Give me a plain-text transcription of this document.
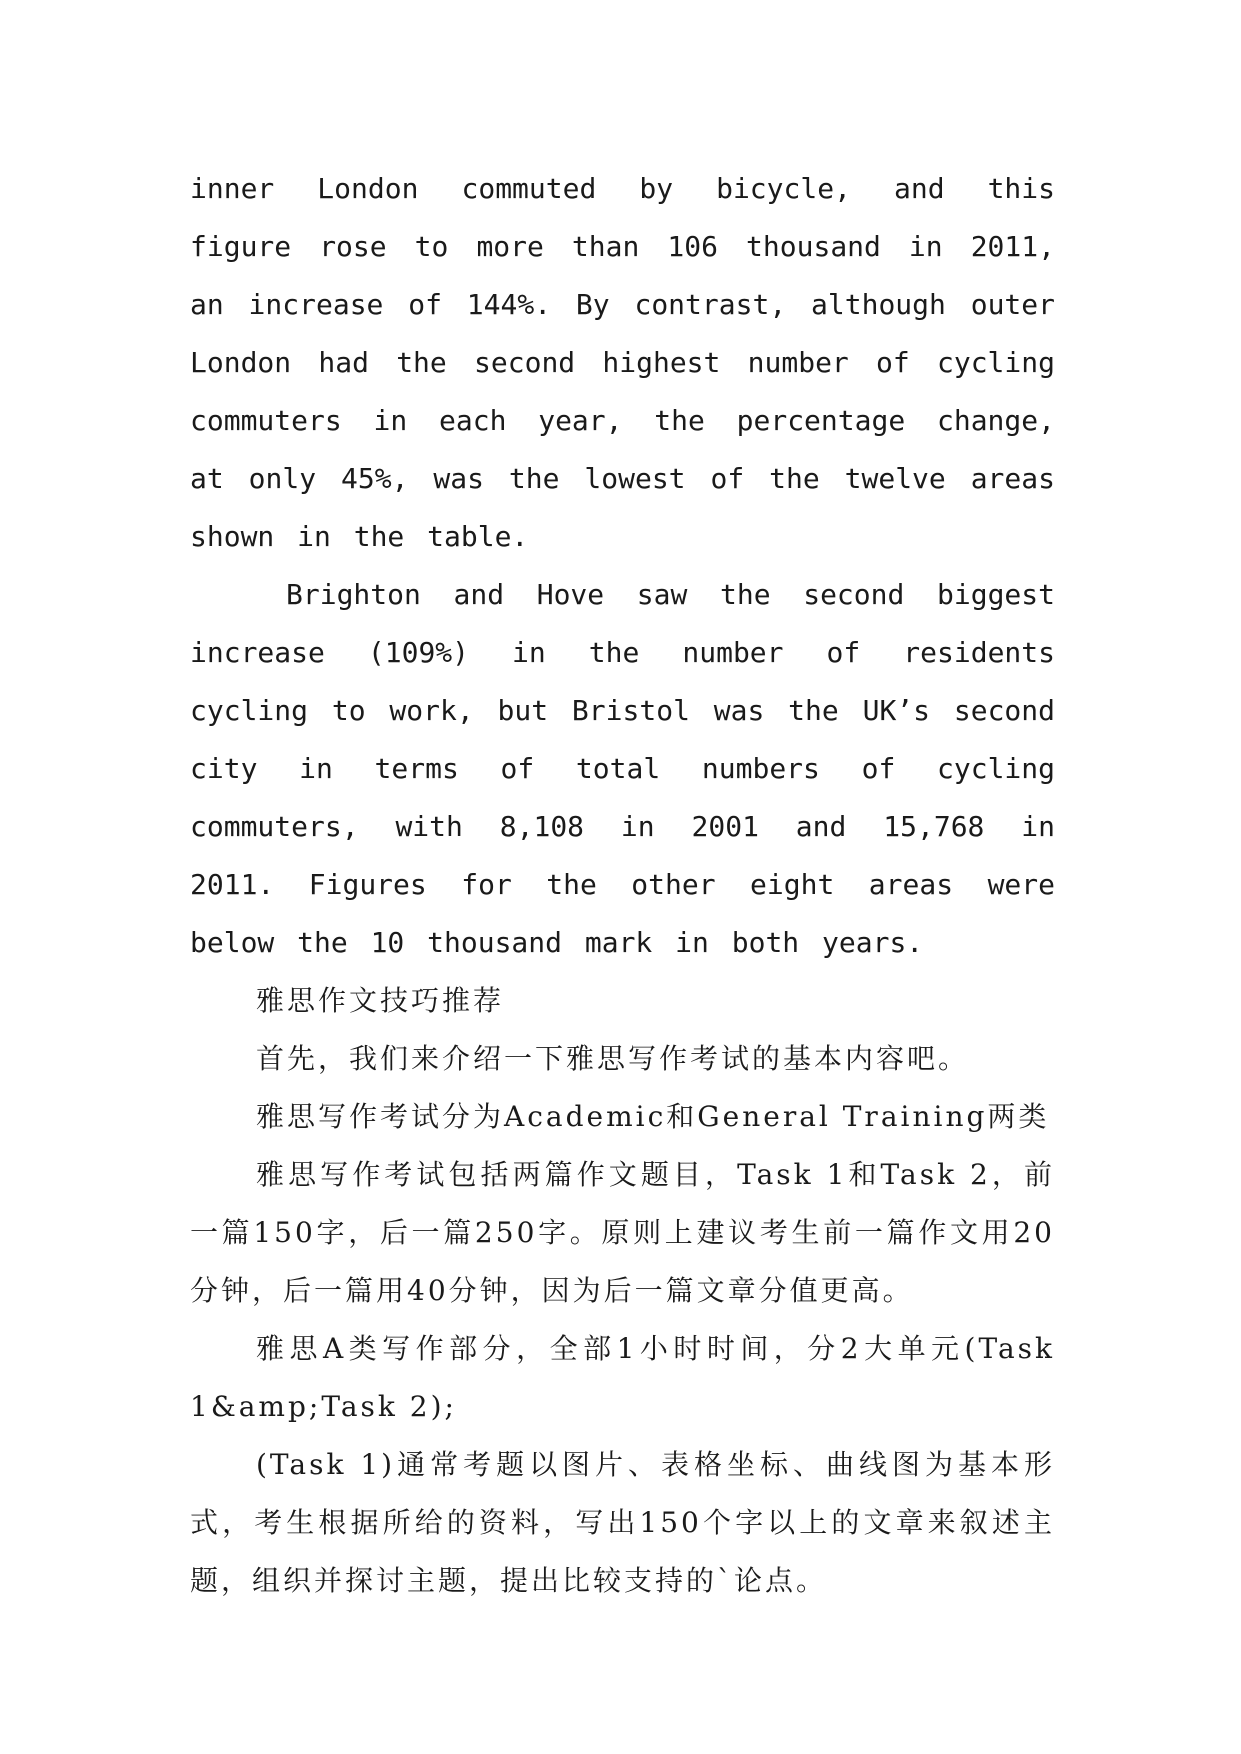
inner London commuted by bicycle, and this figure rose to more than 106 thousand in 2011, an increase of 144%. By contrast, although outer London had the second highest number of cycling commuters in each year, the percentage change, at only 45%, was the lowest of the twelve areas shown in the table.

Brighton and Hove saw the second biggest increase (109%) in the number of residents cycling to work, but Bristol was the UK’s second city in terms of total numbers of cycling commuters, with 8,108 in 2001 and 15,768 in 2011. Figures for the other eight areas were below the 10 thousand mark in both years.

雅思作文技巧推荐

首先，我们来介绍一下雅思写作考试的基本内容吧。

雅思写作考试分为Academic和General Training两类

雅思写作考试包括两篇作文题目，Task 1和Task 2，前一篇150字，后一篇250字。原则上建议考生前一篇作文用20分钟，后一篇用40分钟，因为后一篇文章分值更高。

雅思A类写作部分，全部1小时时间，分2大单元(Task 1&amp;Task 2);

(Task 1)通常考题以图片、表格坐标、曲线图为基本形式，考生根据所给的资料，写出150个字以上的文章来叙述主题，组织并探讨主题，提出比较支持的`论点。
